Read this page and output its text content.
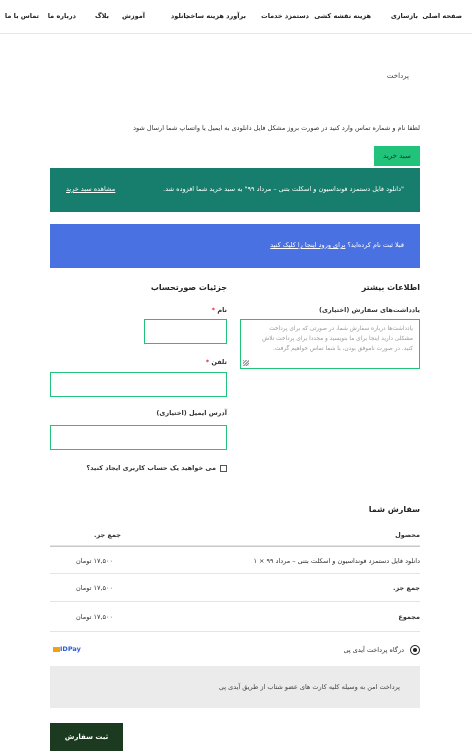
صفحه اصلی
بازسازی
هزینه نقشه کشی
دستمزد خدمات
برآورد هزینه ساخت
دانلود
آموزش
بلاگ
درباره ما
تماس با ما
پرداخت
لطفا نام و شماره تماس وارد کنید در صورت بروز مشکل فایل دانلودی به ایمیل یا واتساپ شما ارسال شود
سبد خرید
"دانلود فایل دستمزد فونداسیون و اسکلت بتنی – مرداد ۹۹" به سبد خرید شما افزوده شد.
مشاهده سبد خرید
قبلا ثبت نام کرده‌اید؟ برای ورود اینجا را کلیک کنید
جزئیات صورتحساب
نام *
تلفن *
آدرس ایمیل (اختیاری)
می خواهید یک حساب کاربری ایجاد کنید؟
اطلاعات بیشتر
یادداشت‌های سفارش (اختیاری)
یادداشت‌ها درباره سفارش شما، در صورتی که برای پرداخت
مشکلی دارید اینجا برای ما بنویسید و مجددا برای پرداخت تلاش
کنید. در صورت ناموفق بودن، با شما تماس خواهیم گرفت.
سفارش شما
محصول
جمع جز.
دانلود فایل دستمزد فونداسیون و اسکلت بتنی – مرداد ۹۹ × ۱
۱۷,۵۰۰ تومان
جمع جز.
۱۷,۵۰۰ تومان
مجموع
۱۷,۵۰۰ تومان
درگاه پرداخت آیدی پی
IDPay
پرداخت امن به وسیله کلیه کارت های عضو شتاب از طریق آیدی پی
ثبت سفارش
